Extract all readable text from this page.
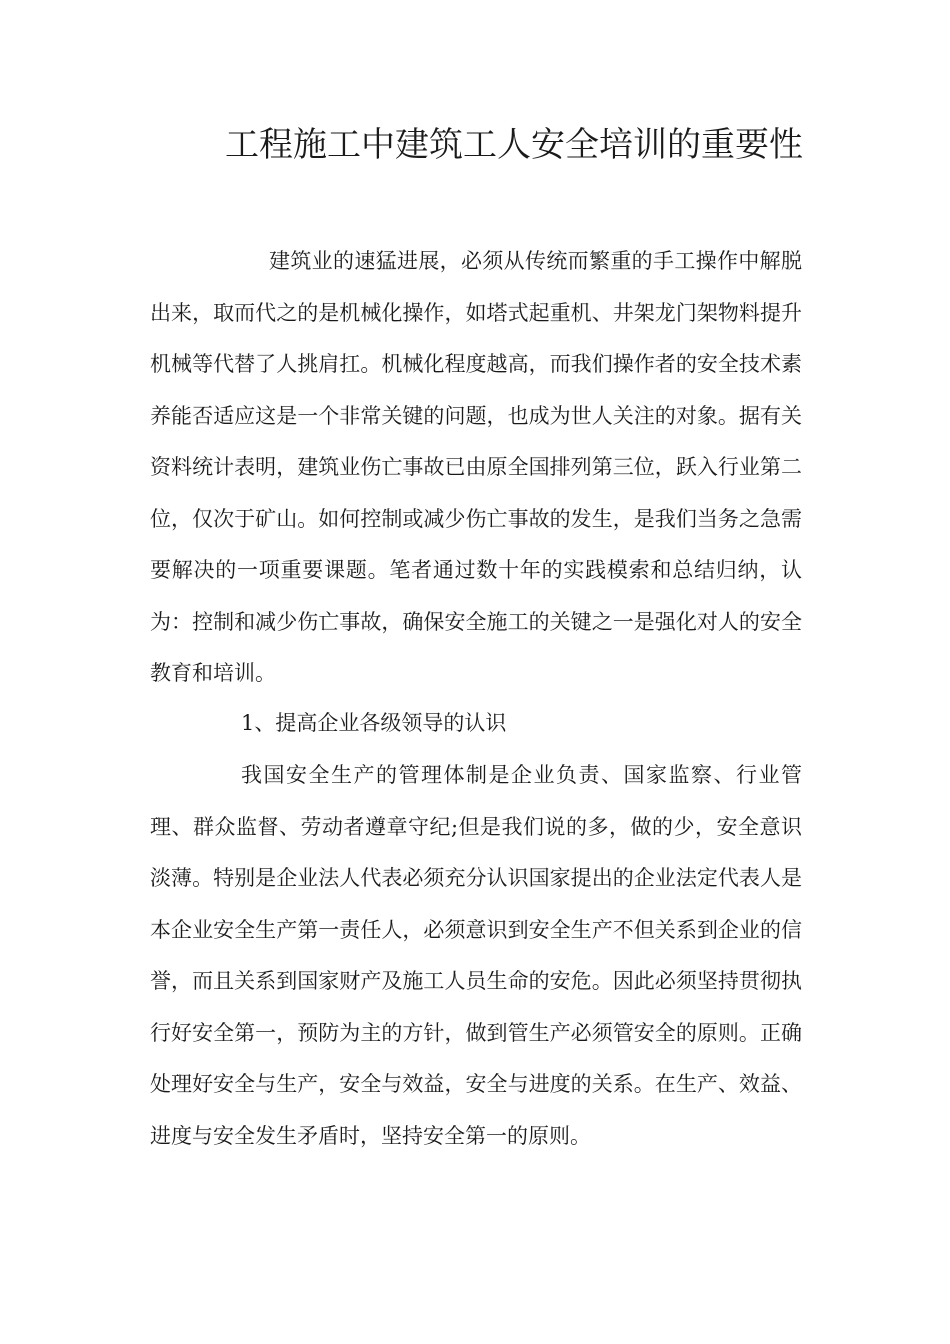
工程施工中建筑工人安全培训的重要性

建筑业的速猛进展，必须从传统而繁重的手工操作中解脱出来，取而代之的是机械化操作，如塔式起重机、井架龙门架物料提升机械等代替了人挑肩扛。机械化程度越高，而我们操作者的安全技术素养能否适应这是一个非常关键的问题，也成为世人关注的对象。据有关资料统计表明，建筑业伤亡事故已由原全国排列第三位，跃入行业第二位，仅次于矿山。如何控制或减少伤亡事故的发生，是我们当务之急需要解决的一项重要课题。笔者通过数十年的实践模索和总结归纳，认为：控制和减少伤亡事故，确保安全施工的关键之一是强化对人的安全教育和培训。

1、提高企业各级领导的认识

我国安全生产的管理体制是企业负责、国家监察、行业管理、群众监督、劳动者遵章守纪;但是我们说的多，做的少，安全意识淡薄。特别是企业法人代表必须充分认识国家提出的企业法定代表人是本企业安全生产第一责任人，必须意识到安全生产不但关系到企业的信誉，而且关系到国家财产及施工人员生命的安危。因此必须坚持贯彻执行好安全第一，预防为主的方针，做到管生产必须管安全的原则。正确处理好安全与生产，安全与效益，安全与进度的关系。在生产、效益、进度与安全发生矛盾时，坚持安全第一的原则。
